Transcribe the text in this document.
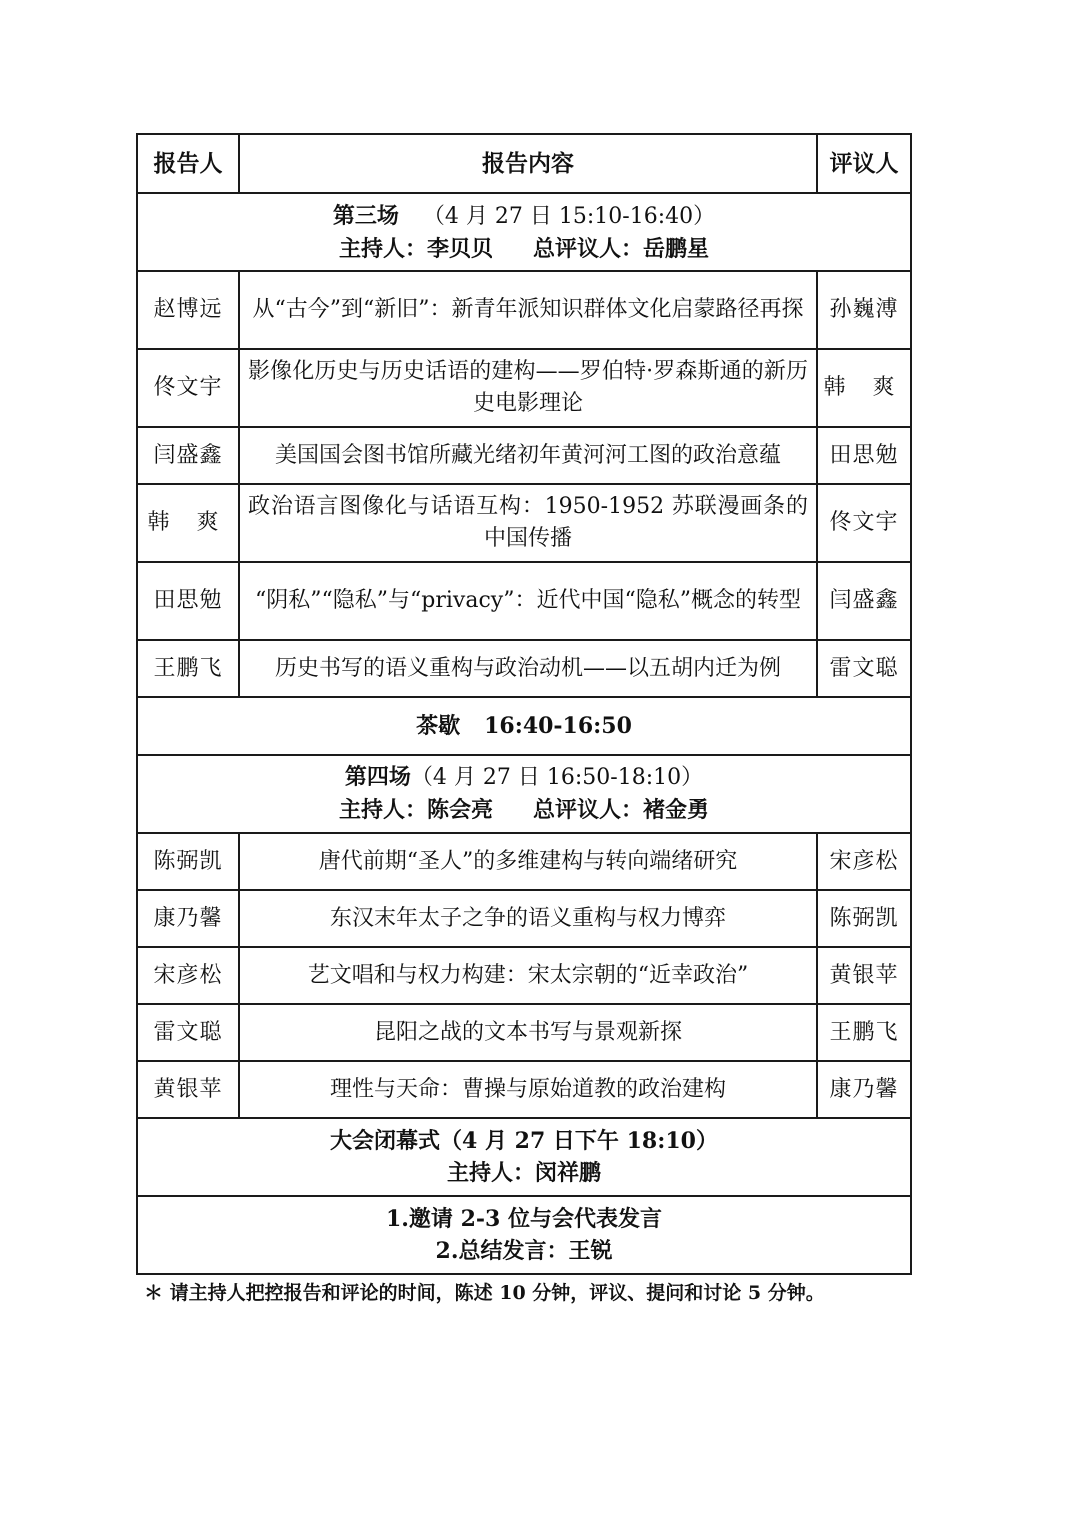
报告人	报告内容	评议人

第三场 （4 月 27 日 15:10-16:40）
主持人：李贝贝 总评议人：岳鹏星		

赵博远	从“古今”到“新旧”：新青年派知识群体文化启蒙路径再探	孙巍溥
佟文宇	影像化历史与历史话语的建构——罗伯特·罗森斯通的新历史电影理论	韩 爽
闫盛鑫	美国国会图书馆所藏光绪初年黄河河工图的政治意蕴	田思勉
韩 爽	政治语言图像化与话语互构：1950-1952 苏联漫画条的中国传播	佟文宇
田思勉	“阴私”“隐私”与“privacy”：近代中国“隐私”概念的转型	闫盛鑫
王鹏飞	历史书写的语义重构与政治动机——以五胡内迁为例	雷文聪
茶歇 16:40-16:50		

第四场（4 月 27 日 16:50-18:10）
主持人：陈会亮 总评议人：褚金勇		

陈弼凯	唐代前期“圣人”的多维建构与转向端绪研究	宋彦松
康乃馨	东汉末年太子之争的语义重构与权力博弈	陈弼凯
宋彦松	艺文唱和与权力构建：宋太宗朝的“近幸政治”	黄银苹
雷文聪	昆阳之战的文本书写与景观新探	王鹏飞
黄银苹	理性与天命：曹操与原始道教的政治建构	康乃馨

大会闭幕式（4 月 27 日下午 18:10）
主持人：闵祥鹏		

1.邀请 2-3 位与会代表发言
2.总结发言：王锐		
＊ 请主持人把控报告和评论的时间，陈述 10 分钟，评议、提问和讨论 5 分钟。
